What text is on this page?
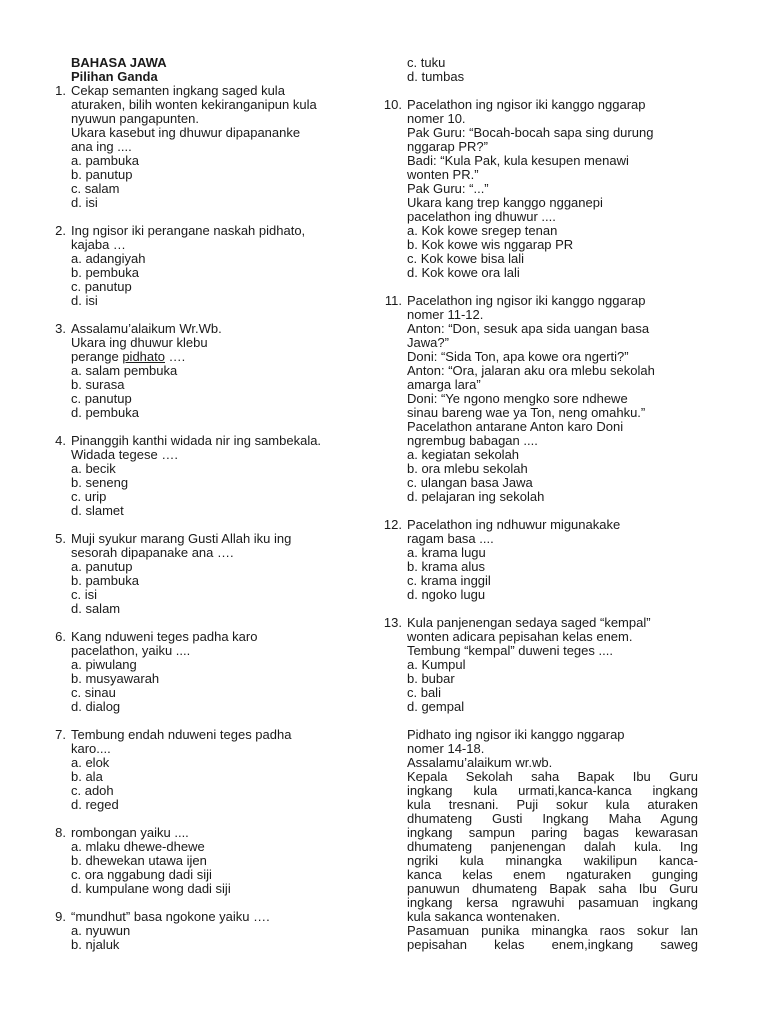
BAHASA JAWA
Pilihan Ganda
1. Cekap semanten ingkang saged kula
aturaken, bilih wonten kekiranganipun kula
nyuwun pangapunten.
Ukara kasebut ing dhuwur dipapananke
ana ing ....
a. pambuka
b. panutup
c. salam
d. isi
2. Ing ngisor iki perangane naskah pidhato,
kajaba …
a. adangiyah
b. pembuka
c. panutup
d. isi
3. Assalamu’alaikum Wr.Wb.
Ukara ing dhuwur klebu
perange pidhato ….
a. salam pembuka
b. surasa
c. panutup
d. pembuka
4. Pinanggih kanthi widada nir ing sambekala.
Widada tegese ….
a. becik
b. seneng
c. urip
d. slamet
5. Muji syukur marang Gusti Allah iku ing
sesorah dipapanake ana ….
a. panutup
b. pambuka
c. isi
d. salam
6. Kang nduweni teges padha karo
pacelathon, yaiku ....
a. piwulang
b. musyawarah
c. sinau
d. dialog
7. Tembung endah nduweni teges padha
karo....
a. elok
b. ala
c. adoh
d. reged
8. rombongan yaiku ....
a. mlaku dhewe-dhewe
b. dhewekan utawa ijen
c. ora nggabung dadi siji
d. kumpulane wong dadi siji
9. “mundhut” basa ngokone yaiku ….
a. nyuwun
b. njaluk
c. tuku
d. tumbas
10. Pacelathon ing ngisor iki kanggo nggarap
nomer 10.
Pak Guru: “Bocah-bocah sapa sing durung
nggarap PR?”
Badi: “Kula Pak, kula kesupen menawi
wonten PR.”
Pak Guru: “...”
Ukara kang trep kanggo ngganepi
pacelathon ing dhuwur ....
a. Kok kowe sregep tenan
b. Kok kowe wis nggarap PR
c. Kok kowe bisa lali
d. Kok kowe ora lali
11. Pacelathon ing ngisor iki kanggo nggarap
nomer 11-12.
Anton: “Don, sesuk apa sida uangan basa
Jawa?”
Doni: “Sida Ton, apa kowe ora ngerti?”
Anton: “Ora, jalaran aku ora mlebu sekolah
amarga lara”
Doni: “Ye ngono mengko sore ndhewe
sinau bareng wae ya Ton, neng omahku.”
Pacelathon antarane Anton karo Doni
ngrembug babagan ....
a. kegiatan sekolah
b. ora mlebu sekolah
c. ulangan basa Jawa
d. pelajaran ing sekolah
12. Pacelathon ing ndhuwur migunakake
ragam basa ....
a. krama lugu
b. krama alus
c. krama inggil
d. ngoko lugu
13. Kula panjenengan sedaya saged “kempal”
wonten adicara pepisahan kelas enem.
Tembung “kempal” duweni teges ....
a. Kumpul
b. bubar
c. bali
d. gempal
Pidhato ing ngisor iki kanggo nggarap
nomer 14-18.
Assalamu’alaikum wr.wb.
Kepala Sekolah saha Bapak Ibu Guru
ingkang kula urmati,kanca-kanca ingkang
kula tresnani. Puji sokur kula aturaken
dhumateng Gusti Ingkang Maha Agung
ingkang sampun paring bagas kewarasan
dhumateng panjenengan dalah kula. Ing
ngriki kula minangka wakilipun kanca-
kanca kelas enem ngaturaken gunging
panuwun dhumateng Bapak saha Ibu Guru
ingkang kersa ngrawuhi pasamuan ingkang
kula sakanca wontenaken.
Pasamuan punika minangka raos sokur lan
pepisahan kelas enem,ingkang saweg
